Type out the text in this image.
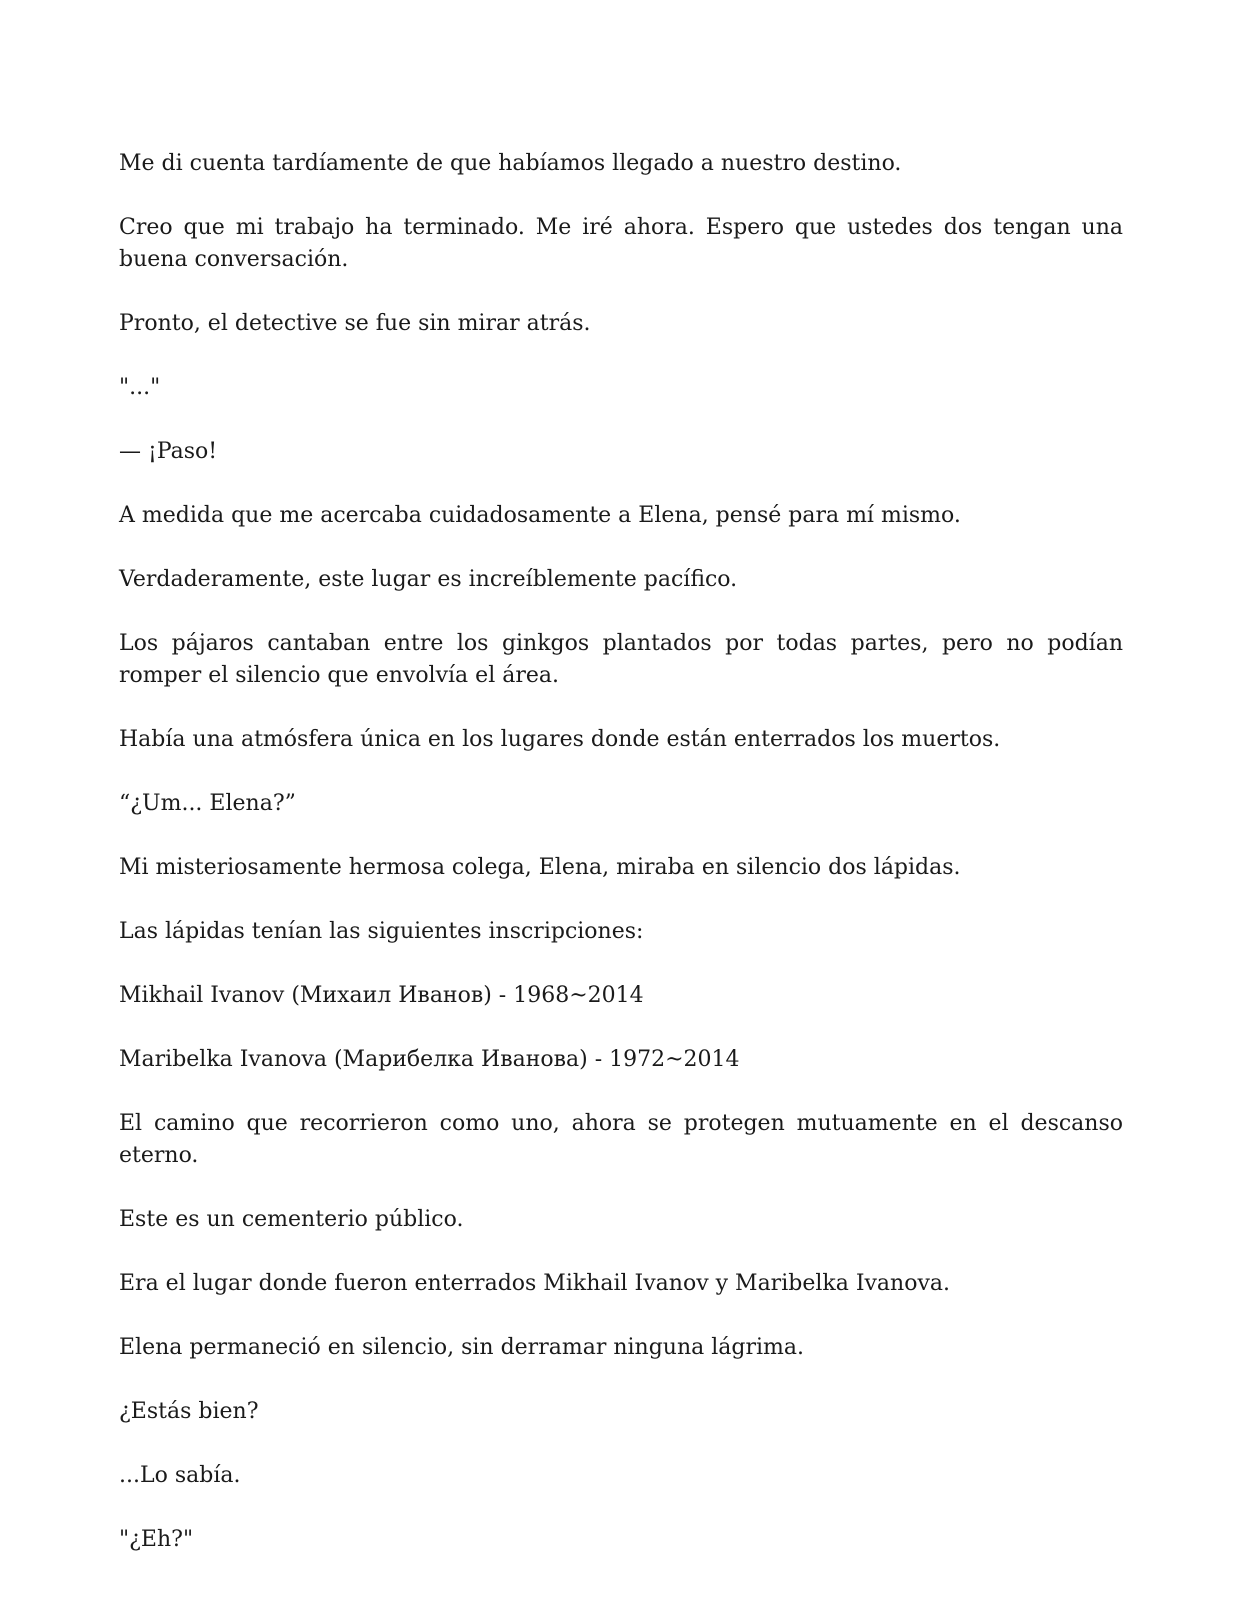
Me di cuenta tardíamente de que habíamos llegado a nuestro destino.

Creo que mi trabajo ha terminado. Me iré ahora. Espero que ustedes dos tengan una buena conversación.

Pronto, el detective se fue sin mirar atrás.

"..."

— ¡Paso!

A medida que me acercaba cuidadosamente a Elena, pensé para mí mismo.

Verdaderamente, este lugar es increíblemente pacífico.

Los pájaros cantaban entre los ginkgos plantados por todas partes, pero no podían romper el silencio que envolvía el área.

Había una atmósfera única en los lugares donde están enterrados los muertos.

“¿Um... Elena?”

Mi misteriosamente hermosa colega, Elena, miraba en silencio dos lápidas.

Las lápidas tenían las siguientes inscripciones:

Mikhail Ivanov (Михаил Иванов) - 1968~2014

Maribelka Ivanova (Марибелка Иванова) - 1972~2014

El camino que recorrieron como uno, ahora se protegen mutuamente en el descanso eterno.

Este es un cementerio público.

Era el lugar donde fueron enterrados Mikhail Ivanov y Maribelka Ivanova.

Elena permaneció en silencio, sin derramar ninguna lágrima.

¿Estás bien?

...Lo sabía.

"¿Eh?"
